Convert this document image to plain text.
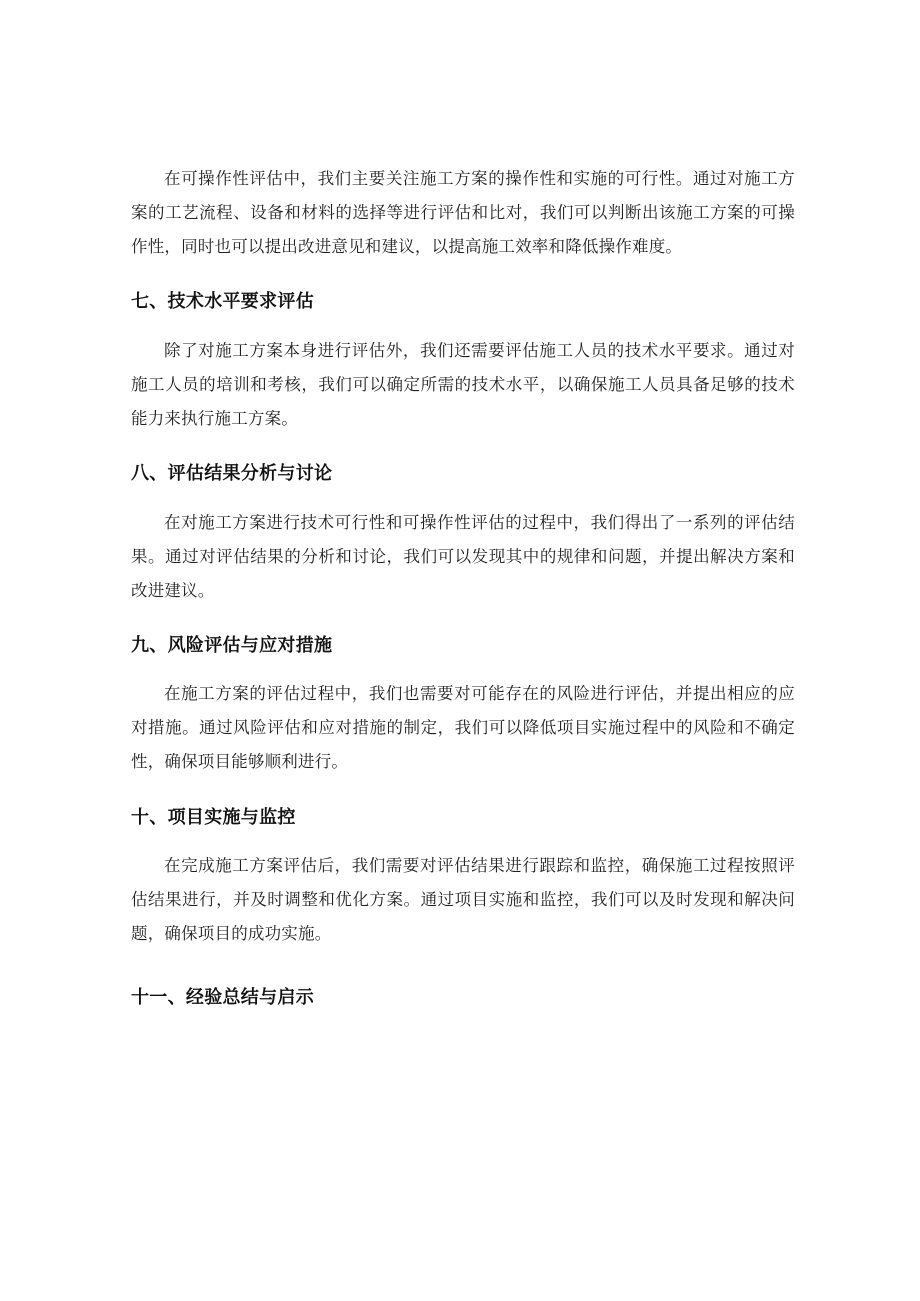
在可操作性评估中，我们主要关注施工方案的操作性和实施的可行性。通过对施工方案的工艺流程、设备和材料的选择等进行评估和比对，我们可以判断出该施工方案的可操作性，同时也可以提出改进意见和建议，以提高施工效率和降低操作难度。

七、技术水平要求评估

除了对施工方案本身进行评估外，我们还需要评估施工人员的技术水平要求。通过对施工人员的培训和考核，我们可以确定所需的技术水平，以确保施工人员具备足够的技术能力来执行施工方案。

八、评估结果分析与讨论

在对施工方案进行技术可行性和可操作性评估的过程中，我们得出了一系列的评估结果。通过对评估结果的分析和讨论，我们可以发现其中的规律和问题，并提出解决方案和改进建议。

九、风险评估与应对措施

在施工方案的评估过程中，我们也需要对可能存在的风险进行评估，并提出相应的应对措施。通过风险评估和应对措施的制定，我们可以降低项目实施过程中的风险和不确定性，确保项目能够顺利进行。

十、项目实施与监控

在完成施工方案评估后，我们需要对评估结果进行跟踪和监控，确保施工过程按照评估结果进行，并及时调整和优化方案。通过项目实施和监控，我们可以及时发现和解决问题，确保项目的成功实施。

十一、经验总结与启示
